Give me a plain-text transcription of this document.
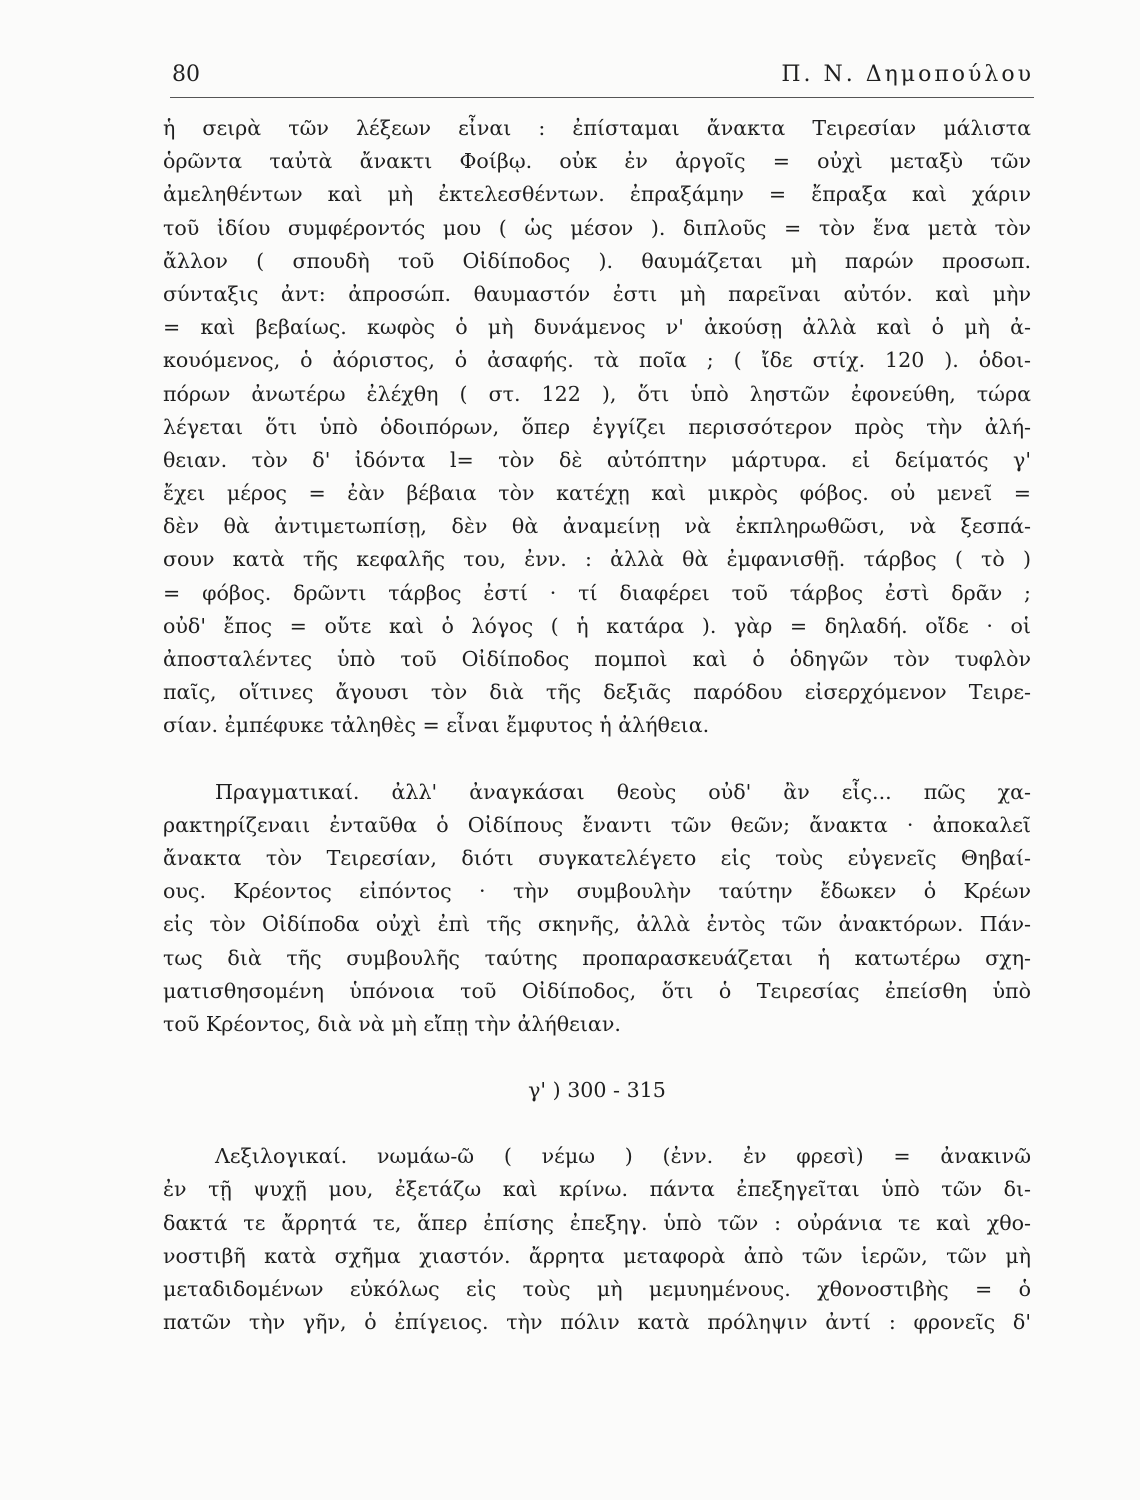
80	Π. Ν. Δημοπούλου
ἡ σειρὰ τῶν λέξεων εἶναι : ἐπίσταμαι ἄνακτα Τειρεσίαν μάλιστα
ὁρῶντα ταὐτὰ ἄνακτι Φοίβῳ. οὐκ ἐν ἀργοῖς = οὐχὶ μεταξὺ τῶν
ἀμεληθέντων καὶ μὴ ἐκτελεσθέντων. ἐπραξάμην = ἔπραξα καὶ χάριν
τοῦ ἰδίου συμφέροντός μου ( ὡς μέσον ). διπλοῦς = τὸν ἕνα μετὰ τὸν
ἄλλον ( σπουδὴ τοῦ Οἰδίποδος ). θαυμάζεται μὴ παρών προσωπ.
σύνταξις ἀντ: ἀπροσώπ. θαυμαστόν ἐστι μὴ παρεῖναι αὐτόν. καὶ μὴν
= καὶ βεβαίως. κωφὸς ὁ μὴ δυνάμενος ν' ἀκούσῃ ἀλλὰ καὶ ὁ μὴ ἀ-
κουόμενος, ὁ ἀόριστος, ὁ ἀσαφής. τὰ ποῖα ; ( ἴδε στίχ. 120 ). ὁδοι-
πόρων ἀνωτέρω ἐλέχθη ( στ. 122 ), ὅτι ὑπὸ ληστῶν ἐφονεύθη, τώρα
λέγεται ὅτι ὑπὸ ὁδοιπόρων, ὅπερ ἐγγίζει περισσότερον πρὸς τὴν ἀλή-
θειαν. τὸν δ' ἰδόντα l= τὸν δὲ αὐτόπτην μάρτυρα. εἰ δείματός γ'
ἔχει μέρος = ἐὰν βέβαια τὸν κατέχῃ καὶ μικρὸς φόβος. οὐ μενεῖ =
δὲν θὰ ἀντιμετωπίσῃ, δὲν θὰ ἀναμείνῃ νὰ ἐκπληρωθῶσι, νὰ ξεσπά-
σουν κατὰ τῆς κεφαλῆς του, ἐνν. : ἀλλὰ θὰ ἐμφανισθῇ. τάρβος ( τὸ )
= φόβος. δρῶντι τάρβος ἐστί · τί διαφέρει τοῦ τάρβος ἐστὶ δρᾶν ;
οὐδ' ἔπος = οὔτε καὶ ὁ λόγος ( ἡ κατάρα ). γὰρ = δηλαδή. οἴδε · οἱ
ἀποσταλέντες ὑπὸ τοῦ Οἰδίποδος πομποὶ καὶ ὁ ὁδηγῶν τὸν τυφλὸν
παῖς, οἵτινες ἄγουσι τὸν διὰ τῆς δεξιᾶς παρόδου εἰσερχόμενον Τειρε-
σίαν. ἐμπέφυκε τἀληθὲς = εἶναι ἔμφυτος ἡ ἀλήθεια.
Πραγματικαί. ἀλλ' ἀναγκάσαι θεοὺς οὐδ' ἂν εἷς... πῶς χα-
ρακτηρίζεναιι ἐνταῦθα ὁ Οἰδίπους ἔναντι τῶν θεῶν; ἄνακτα · ἀποκαλεῖ
ἄνακτα τὸν Τειρεσίαν, διότι συγκατελέγετο εἰς τοὺς εὐγενεῖς Θηβαί-
ους. Κρέοντος εἰπόντος · τὴν συμβουλὴν ταύτην ἔδωκεν ὁ Κρέων
εἰς τὸν Οἰδίποδα οὐχὶ ἐπὶ τῆς σκηνῆς, ἀλλὰ ἐντὸς τῶν ἀνακτόρων. Πάν-
τως διὰ τῆς συμβουλῆς ταύτης προπαρασκευάζεται ἡ κατωτέρω σχη-
ματισθησομένη ὑπόνοια τοῦ Οἰδίποδος, ὅτι ὁ Τειρεσίας ἐπείσθη ὑπὸ
τοῦ Κρέοντος, διὰ νὰ μὴ εἴπῃ τὴν ἀλήθειαν.
γ' ) 300 - 315
Λεξιλογικαί. νωμάω-ῶ ( νέμω ) (ἐνν. ἐν φρεσὶ) = ἀνακινῶ
ἐν τῇ ψυχῇ μου, ἐξετάζω καὶ κρίνω. πάντα ἐπεξηγεῖται ὑπὸ τῶν δι-
δακτά τε ἄρρητά τε, ἅπερ ἐπίσης ἐπεξηγ. ὑπὸ τῶν : οὐράνια τε καὶ χθο-
νοστιβῆ κατὰ σχῆμα χιαστόν. ἄρρητα μεταφορὰ ἀπὸ τῶν ἱερῶν, τῶν μὴ
μεταδιδομένων εὐκόλως εἰς τοὺς μὴ μεμυημένους. χθονοστιβὴς = ὁ
πατῶν τὴν γῆν, ὁ ἐπίγειος. τὴν πόλιν κατὰ πρόληψιν ἀντί : φρονεῖς δ'
